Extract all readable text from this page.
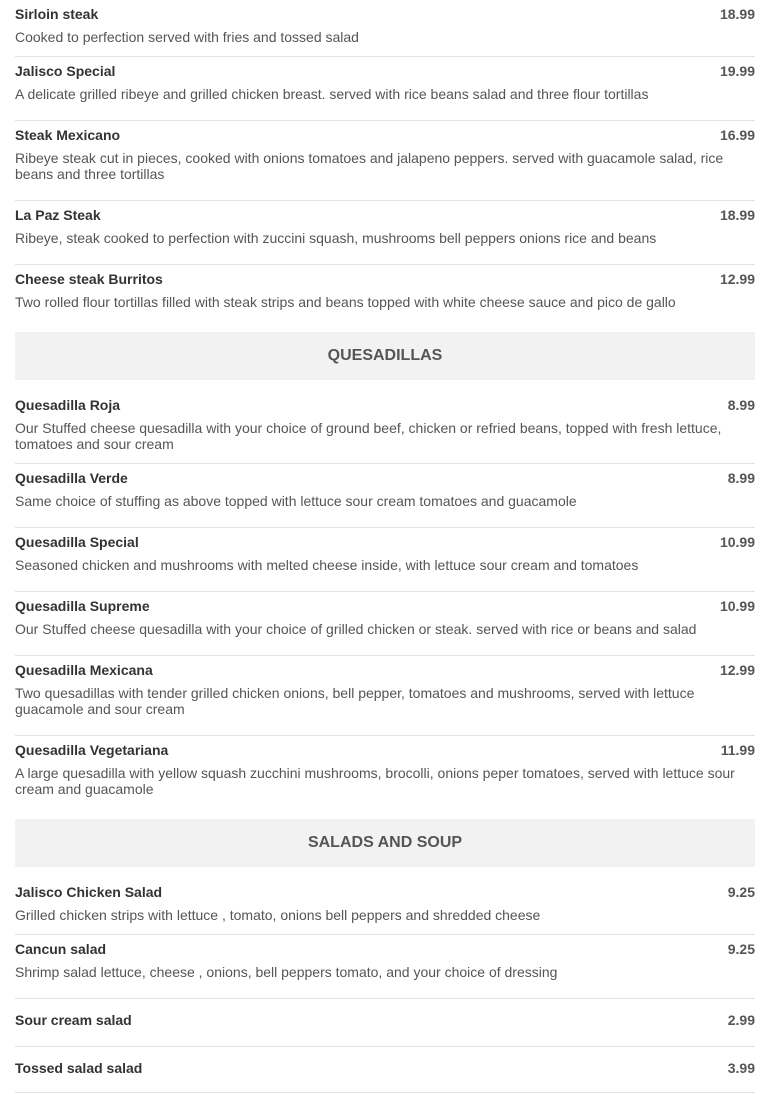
Sirloin steak	18.99
Cooked to perfection served with fries and tossed salad
Jalisco Special	19.99
A delicate grilled ribeye and grilled chicken breast. served with rice beans salad and three flour tortillas
Steak Mexicano	16.99
Ribeye steak cut in pieces, cooked with onions tomatoes and jalapeno peppers. served with guacamole salad, rice beans and three tortillas
La Paz Steak	18.99
Ribeye, steak cooked to perfection with zuccini squash, mushrooms bell peppers onions rice and beans
Cheese steak Burritos	12.99
Two rolled flour tortillas filled with steak strips and beans topped with white cheese sauce and pico de gallo
QUESADILLAS
Quesadilla Roja	8.99
Our Stuffed cheese quesadilla with your choice of ground beef, chicken or refried beans, topped with fresh lettuce, tomatoes and sour cream
Quesadilla Verde	8.99
Same choice of stuffing as above topped with lettuce sour cream tomatoes and guacamole
Quesadilla Special	10.99
Seasoned chicken and mushrooms with melted cheese inside, with lettuce sour cream and tomatoes
Quesadilla Supreme	10.99
Our Stuffed cheese quesadilla with your choice of grilled chicken or steak. served with rice or beans and salad
Quesadilla Mexicana	12.99
Two quesadillas with tender grilled chicken onions, bell pepper, tomatoes and mushrooms, served with lettuce guacamole and sour cream
Quesadilla Vegetariana	11.99
A large quesadilla with yellow squash zucchini mushrooms, brocolli, onions peper tomatoes, served with lettuce sour cream and guacamole
SALADS AND SOUP
Jalisco Chicken Salad	9.25
Grilled chicken strips with lettuce , tomato, onions bell peppers and shredded cheese
Cancun salad	9.25
Shrimp salad lettuce, cheese , onions, bell peppers tomato, and your choice of dressing
Sour cream salad	2.99
Tossed salad salad	3.99
